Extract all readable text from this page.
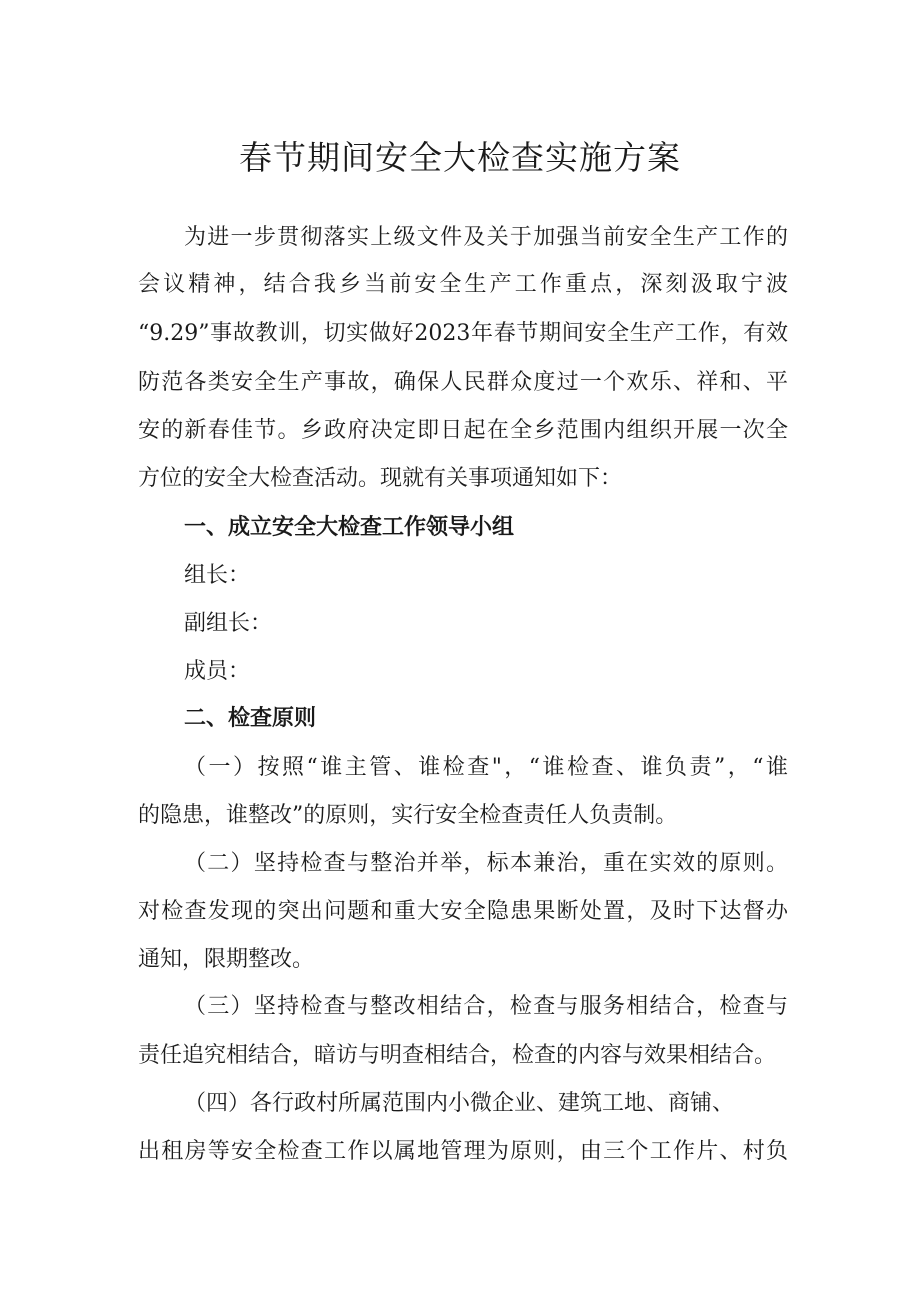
春节期间安全大检查实施方案

为进一步贯彻落实上级文件及关于加强当前安全生产工作的

会议精神，结合我乡当前安全生产工作重点，深刻汲取宁波

“9.29”事故教训，切实做好2023年春节期间安全生产工作，有效

防范各类安全生产事故，确保人民群众度过一个欢乐、祥和、平

安的新春佳节。乡政府决定即日起在全乡范围内组织开展一次全

方位的安全大检查活动。现就有关事项通知如下：

一、成立安全大检查工作领导小组

组长：

副组长：

成员：

二、检查原则

（一）按照“谁主管、谁检查"，“谁检查、谁负责”，“谁

的隐患，谁整改”的原则，实行安全检查责任人负责制。

（二）坚持检查与整治并举，标本兼治，重在实效的原则。

对检查发现的突出问题和重大安全隐患果断处置，及时下达督办

通知，限期整改。

（三）坚持检查与整改相结合，检查与服务相结合，检查与

责任追究相结合，暗访与明查相结合，检查的内容与效果相结合。

（四）各行政村所属范围内小微企业、建筑工地、商铺、

出租房等安全检查工作以属地管理为原则，由三个工作片、村负
